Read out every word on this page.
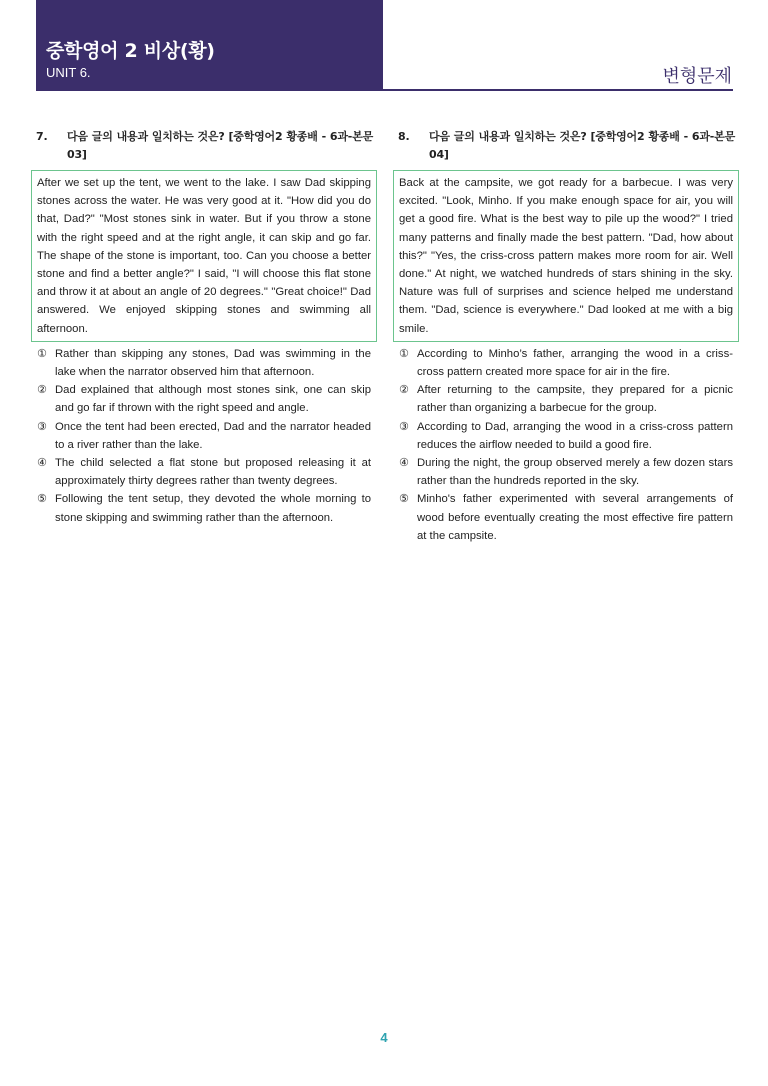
중학영어 2 비상(황)
UNIT 6.	변형문제
7. 다음 글의 내용과 일치하는 것은? [중학영어2 황종배 - 6과-본문 03]
After we set up the tent, we went to the lake. I saw Dad skipping stones across the water. He was very good at it. "How did you do that, Dad?" "Most stones sink in water. But if you throw a stone with the right speed and at the right angle, it can skip and go far. The shape of the stone is important, too. Can you choose a better stone and find a better angle?" I said, "I will choose this flat stone and throw it at about an angle of 20 degrees." "Great choice!" Dad answered. We enjoyed skipping stones and swimming all afternoon.
① Rather than skipping any stones, Dad was swimming in the lake when the narrator observed him that afternoon.
② Dad explained that although most stones sink, one can skip and go far if thrown with the right speed and angle.
③ Once the tent had been erected, Dad and the narrator headed to a river rather than the lake.
④ The child selected a flat stone but proposed releasing it at approximately thirty degrees rather than twenty degrees.
⑤ Following the tent setup, they devoted the whole morning to stone skipping and swimming rather than the afternoon.
8. 다음 글의 내용과 일치하는 것은? [중학영어2 황종배 - 6과-본문 04]
Back at the campsite, we got ready for a barbecue. I was very excited. "Look, Minho. If you make enough space for air, you will get a good fire. What is the best way to pile up the wood?" I tried many patterns and finally made the best pattern. "Dad, how about this?" "Yes, the criss-cross pattern makes more room for air. Well done." At night, we watched hundreds of stars shining in the sky. Nature was full of surprises and science helped me understand them. "Dad, science is everywhere." Dad looked at me with a big smile.
① According to Minho’s father, arranging the wood in a criss-cross pattern created more space for air in the fire.
② After returning to the campsite, they prepared for a picnic rather than organizing a barbecue for the group.
③ According to Dad, arranging the wood in a criss-cross pattern reduces the airflow needed to build a good fire.
④ During the night, the group observed merely a few dozen stars rather than the hundreds reported in the sky.
⑤ Minho's father experimented with several arrangements of wood before eventually creating the most effective fire pattern at the campsite.
4
